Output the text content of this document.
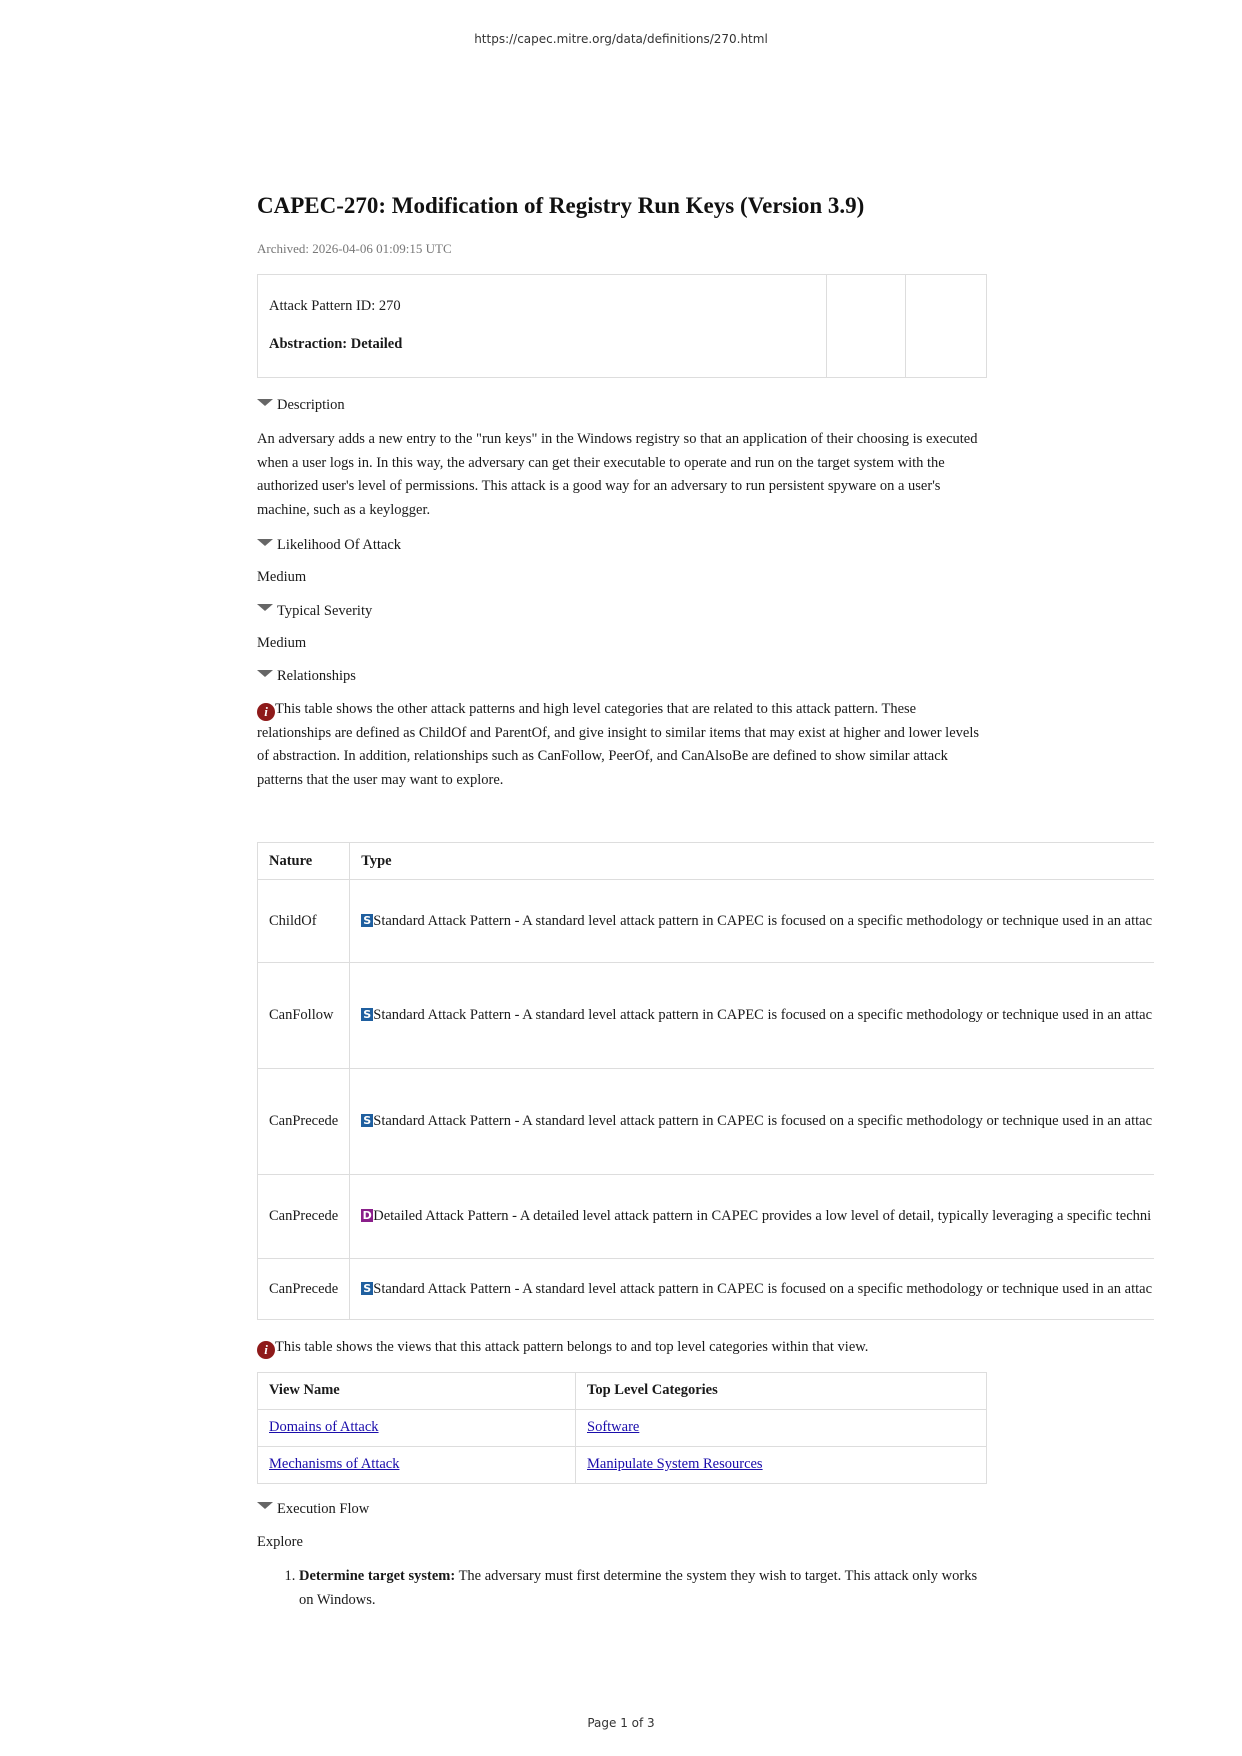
https://capec.mitre.org/data/definitions/270.html
CAPEC-270: Modification of Registry Run Keys (Version 3.9)
Archived: 2026-04-06 01:09:15 UTC
Attack Pattern ID: 270
Abstraction: Detailed
Description

An adversary adds a new entry to the "run keys" in the Windows registry so that an application of their choosing is executed when a user logs in. In this way, the adversary can get their executable to operate and run on the target system with the authorized user's level of permissions. This attack is a good way for an adversary to run persistent spyware on a user's machine, such as a keylogger.

Likelihood Of Attack

Medium

Typical Severity

Medium

Relationships

i This table shows the other attack patterns and high level categories that are related to this attack pattern. These relationships are defined as ChildOf and ParentOf, and give insight to similar items that may exist at higher and lower levels of abstraction. In addition, relationships such as CanFollow, PeerOf, and CanAlsoBe are defined to show similar attack patterns that the user may want to explore.

Nature	Type
ChildOf	S Standard Attack Pattern - A standard level attack pattern in CAPEC is focused on a specific methodology or technique used in an attac
CanFollow	S Standard Attack Pattern - A standard level attack pattern in CAPEC is focused on a specific methodology or technique used in an attac
CanPrecede	S Standard Attack Pattern - A standard level attack pattern in CAPEC is focused on a specific methodology or technique used in an attac
CanPrecede	DDetailed Attack Pattern - A detailed level attack pattern in CAPEC provides a low level of detail, typically leveraging a specific techni
CanPrecede	S Standard Attack Pattern - A standard level attack pattern in CAPEC is focused on a specific methodology or technique used in an attac

i This table shows the views that this attack pattern belongs to and top level categories within that view.

View Name	Top Level Categories
Domains of Attack	Software
Mechanisms of Attack	Manipulate System Resources
Execution Flow

Explore

1. Determine target system: The adversary must first determine the system they wish to target. This attack only works on Windows.
Page 1 of 3
